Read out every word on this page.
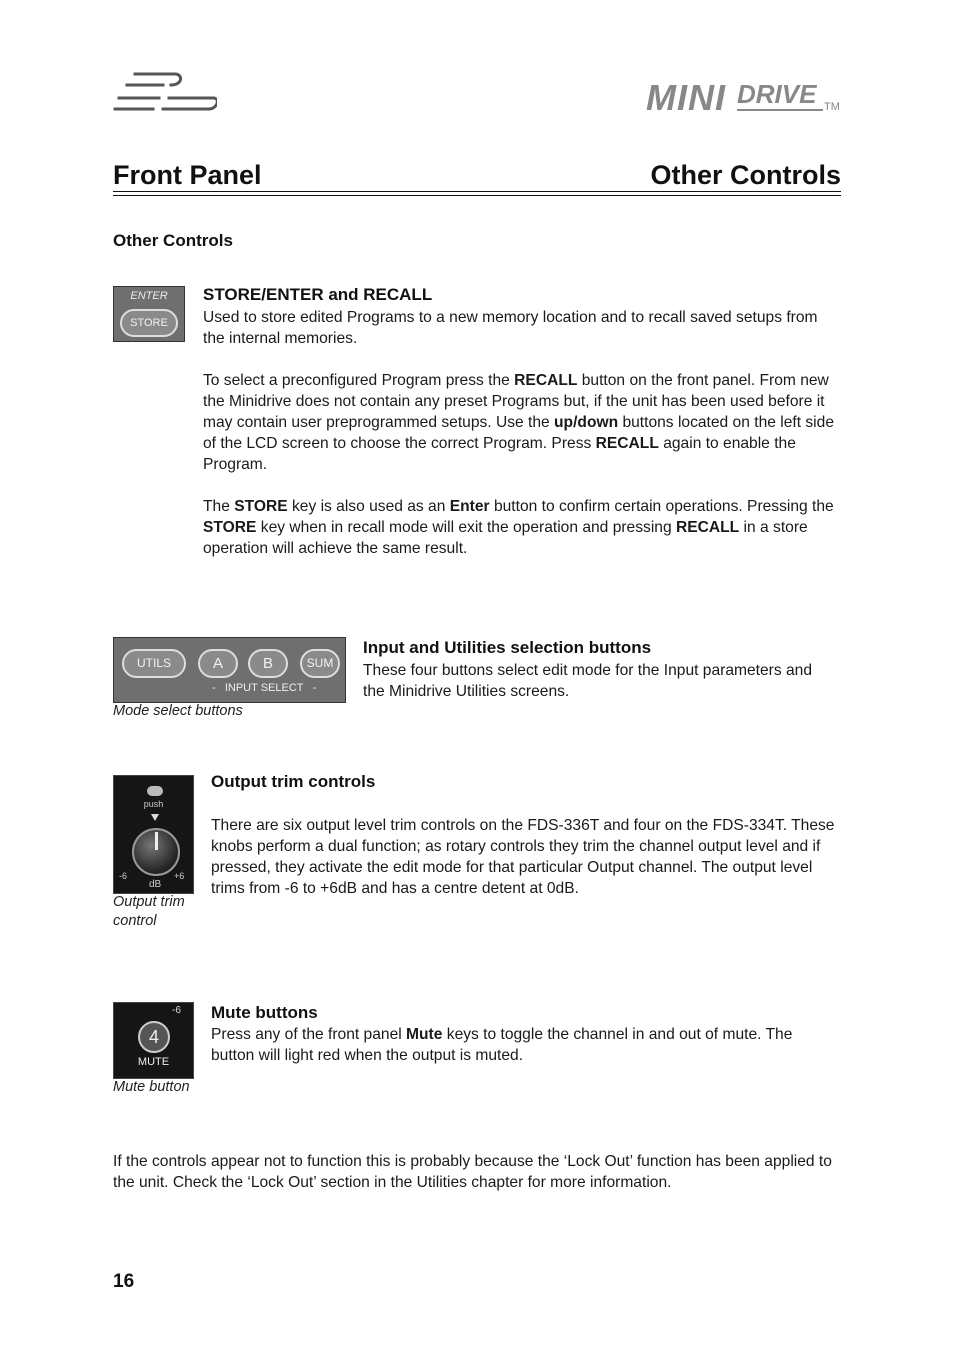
MINI DRIVE TM
Front Panel	Other Controls
Other Controls
ENTER
STORE
STORE/ENTER and RECALL

Used to store edited Programs to a new memory location and to recall saved setups from the internal memories.

To select a preconfigured Program press the RECALL button on the front panel. From new the Minidrive does not contain any preset Programs but, if the unit has been used before it may contain user preprogrammed setups. Use the up/down buttons located on the left side of the LCD screen to choose the correct Program. Press RECALL again to enable the Program.

The STORE key is also used as an Enter button to confirm certain operations. Pressing the STORE key when in recall mode will exit the operation and pressing RECALL in a store operation will achieve the same result.

UTILS	A	B	SUM
- INPUT SELECT -
Mode select buttons
Input and Utilities selection buttons
These four buttons select edit mode for the Input parameters and the Minidrive Utilities screens.
push
-6
dB
+6
Output trim
control
Output trim controls
There are six output level trim controls on the FDS-336T and four on the FDS-334T. These knobs perform a dual function; as rotary controls they trim the channel output level and if pressed, they activate the edit mode for that particular Output channel. The output level trims from -6 to +6dB and has a centre detent at 0dB.
-6
4
MUTE
Mute button
Mute buttons
Press any of the front panel Mute keys to toggle the channel in and out of mute. The button will light red when the output is muted.
If the controls appear not to function this is probably because the ‘Lock Out’ function has been applied to the unit. Check the ‘Lock Out’ section in the Utilities chapter for more information.
16
